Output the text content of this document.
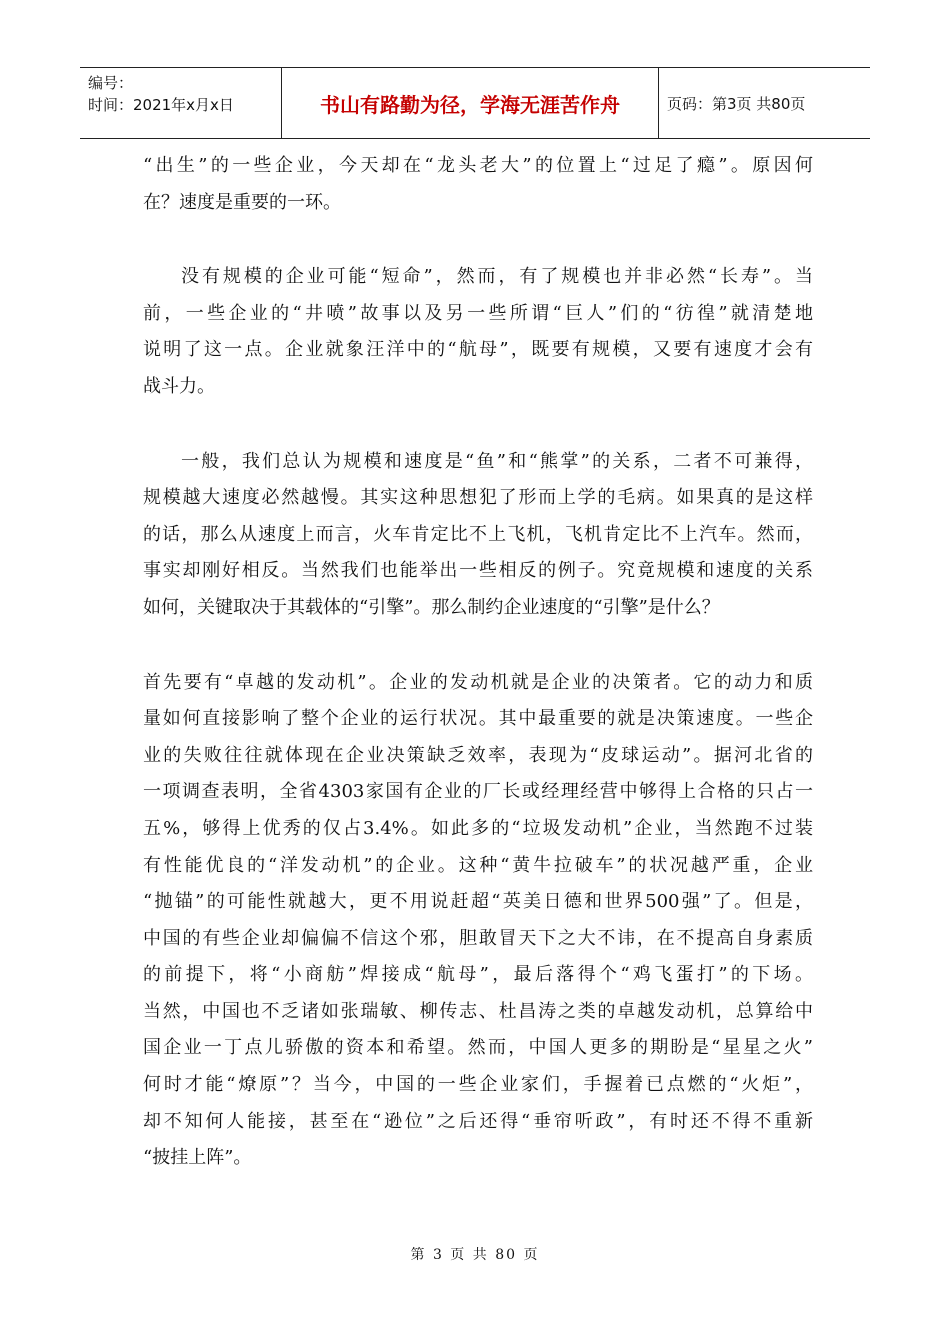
编号：
时间：2021年x月x日	书山有路勤为径，学海无涯苦作舟	页码：第3页 共80页
“出生”的一些企业，今天却在“龙头老大”的位置上“过足了瘾”。原因何
在？速度是重要的一环。
没有规模的企业可能“短命”，然而，有了规模也并非必然“长寿”。当
前，一些企业的“井喷”故事以及另一些所谓“巨人”们的“彷徨”就清楚地
说明了这一点。企业就象汪洋中的“航母”，既要有规模，又要有速度才会有
战斗力。
一般，我们总认为规模和速度是“鱼”和“熊掌”的关系，二者不可兼得，
规模越大速度必然越慢。其实这种思想犯了形而上学的毛病。如果真的是这样
的话，那么从速度上而言，火车肯定比不上飞机，飞机肯定比不上汽车。然而，
事实却刚好相反。当然我们也能举出一些相反的例子。究竟规模和速度的关系
如何，关键取决于其载体的“引擎”。那么制约企业速度的“引擎”是什么？
首先要有“卓越的发动机”。企业的发动机就是企业的决策者。它的动力和质
量如何直接影响了整个企业的运行状况。其中最重要的就是决策速度。一些企
业的失败往往就体现在企业决策缺乏效率，表现为“皮球运动”。据河北省的
一项调查表明，全省4303家国有企业的厂长或经理经营中够得上合格的只占一
五%，够得上优秀的仅占3.4%。如此多的“垃圾发动机”企业，当然跑不过装
有性能优良的“洋发动机”的企业。这种“黄牛拉破车”的状况越严重，企业
“抛锚”的可能性就越大，更不用说赶超“英美日德和世界500强”了。但是，
中国的有些企业却偏偏不信这个邪，胆敢冒天下之大不讳，在不提高自身素质
的前提下，将“小商舫”焊接成“航母”，最后落得个“鸡飞蛋打”的下场。
当然，中国也不乏诸如张瑞敏、柳传志、杜昌涛之类的卓越发动机，总算给中
国企业一丁点儿骄傲的资本和希望。然而，中国人更多的期盼是“星星之火”
何时才能“燎原”？当今，中国的一些企业家们，手握着已点燃的“火炬”，
却不知何人能接，甚至在“逊位”之后还得“垂帘听政”，有时还不得不重新
“披挂上阵”。
第 3 页 共 80 页
